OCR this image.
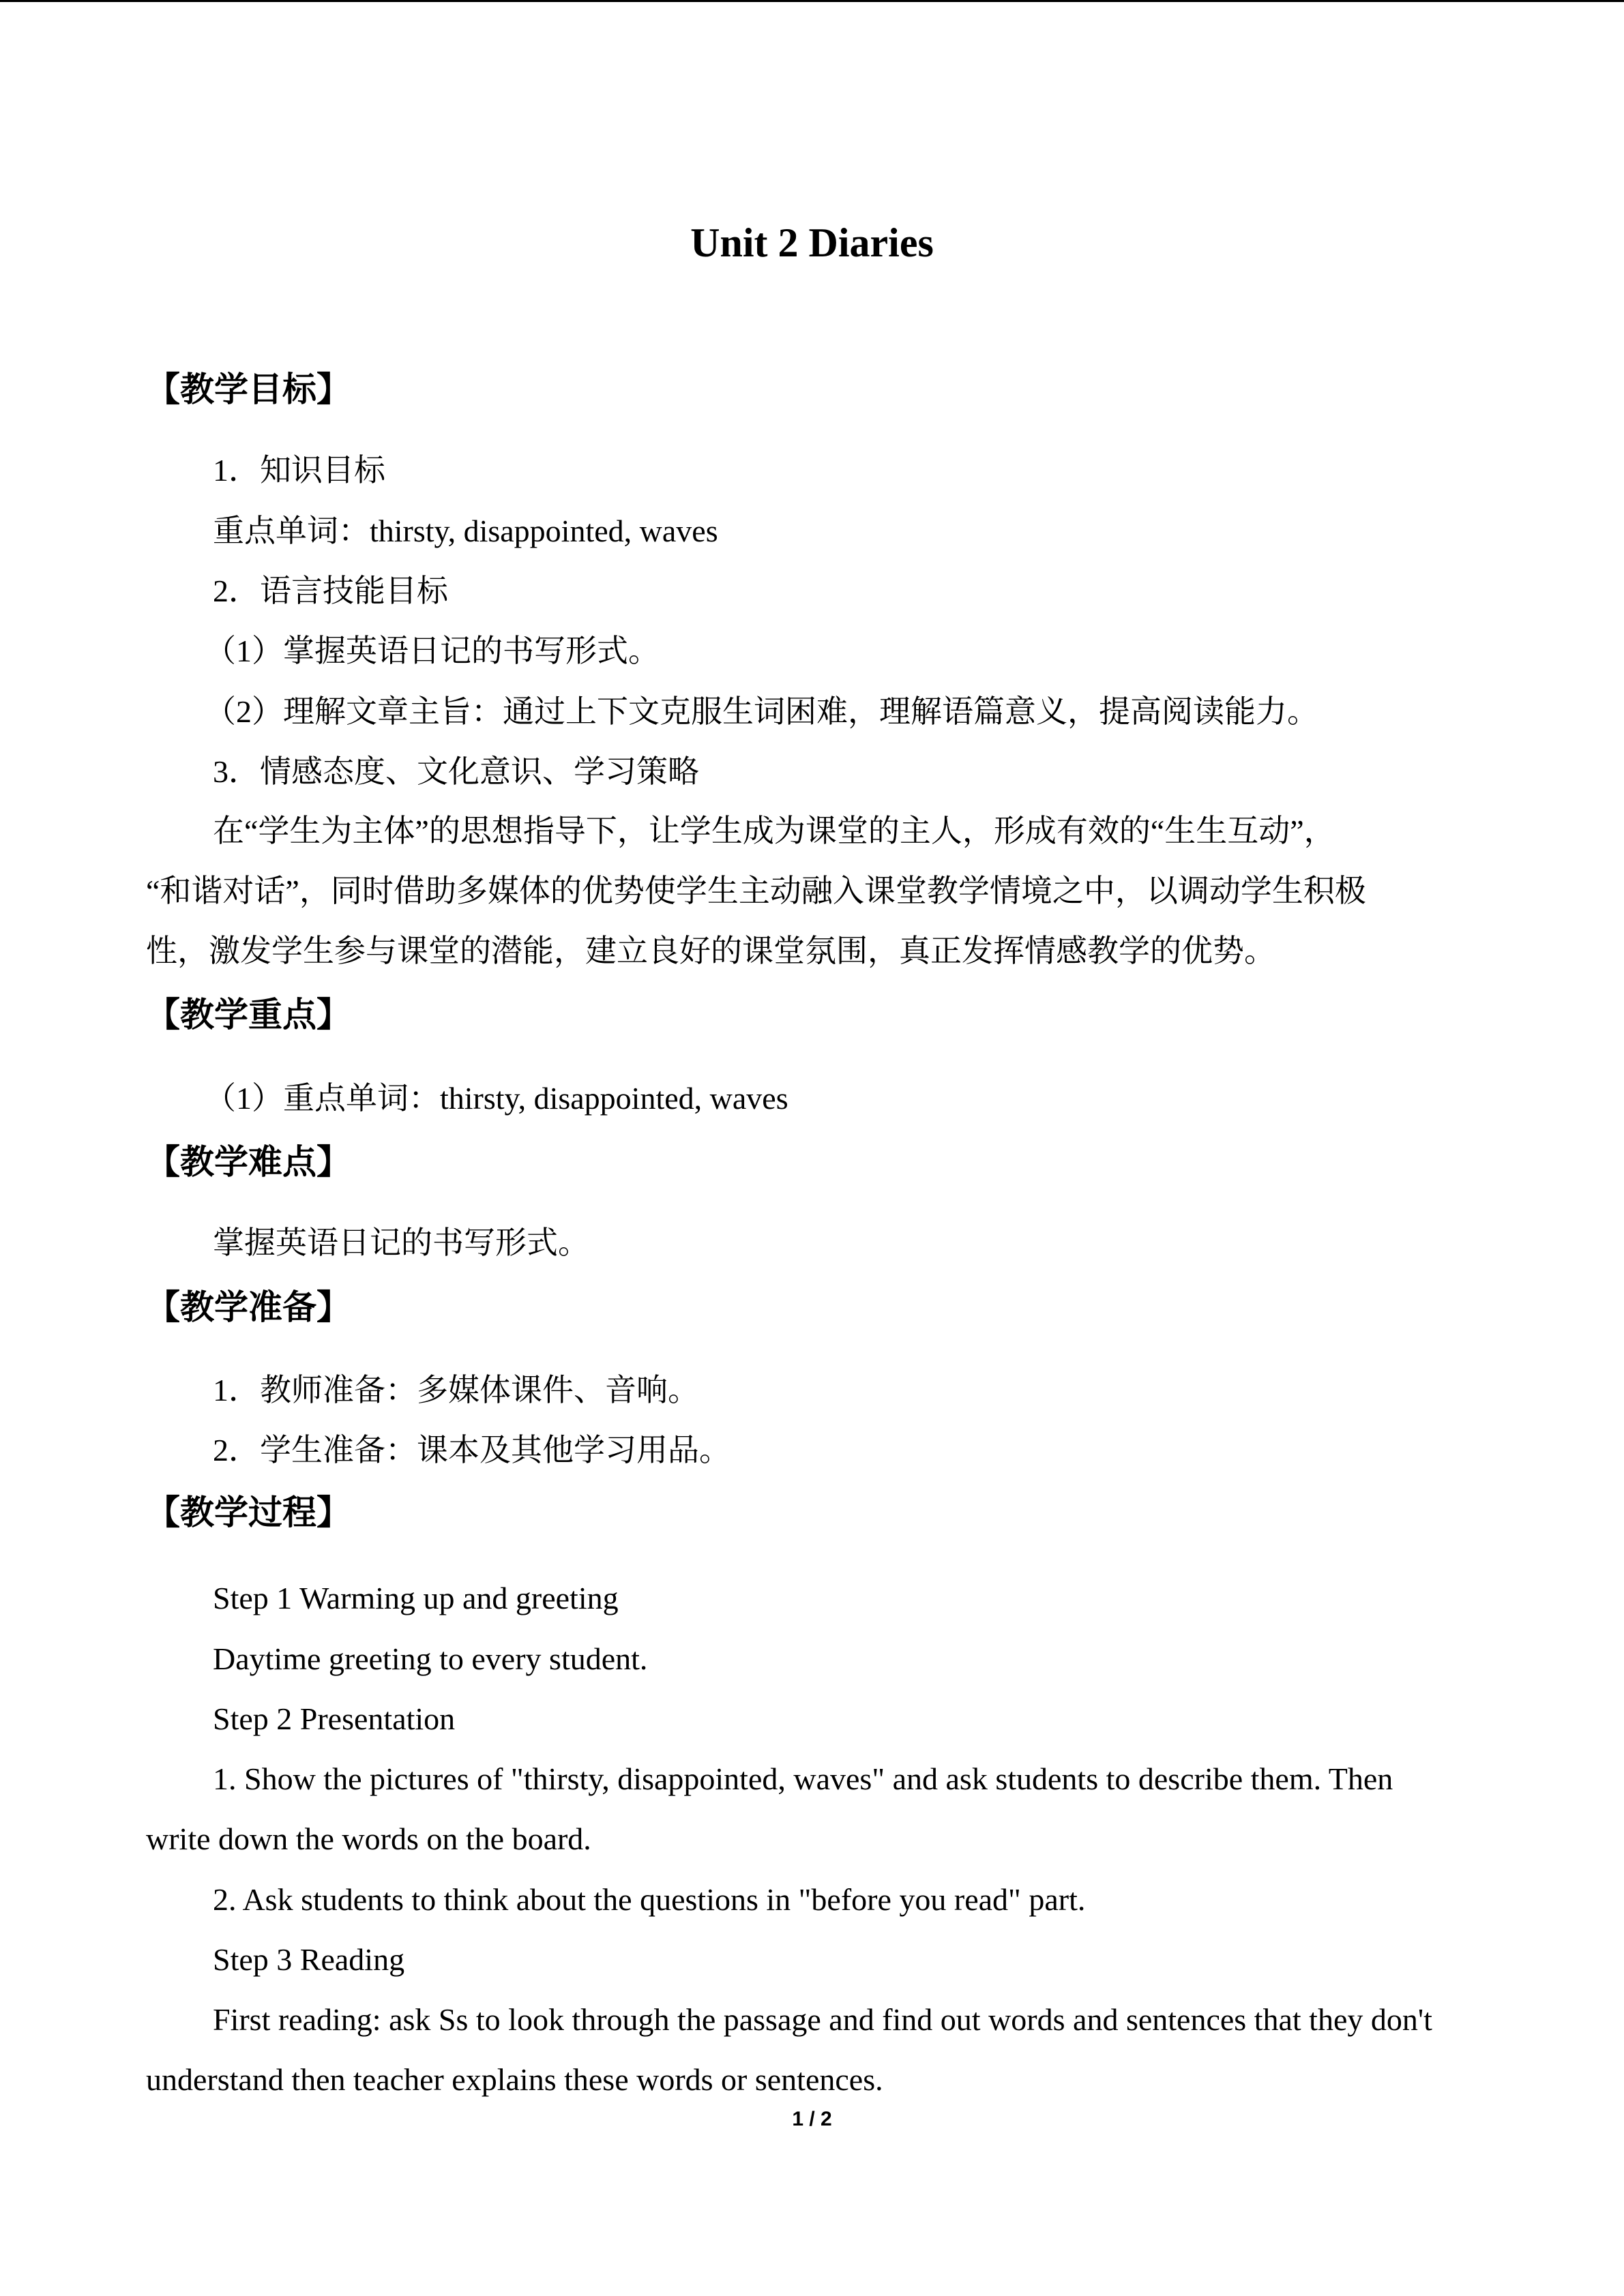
Unit 2 Diaries
【教学目标】
1．知识目标
重点单词：thirsty, disappointed, waves
2．语言技能目标
（1）掌握英语日记的书写形式。
（2）理解文章主旨：通过上下文克服生词困难，理解语篇意义，提高阅读能力。
3．情感态度、文化意识、学习策略
在“学生为主体”的思想指导下，让学生成为课堂的主人，形成有效的“生生互动”，
“和谐对话”，同时借助多媒体的优势使学生主动融入课堂教学情境之中，以调动学生积极
性，激发学生参与课堂的潜能，建立良好的课堂氛围，真正发挥情感教学的优势。
【教学重点】
（1）重点单词：thirsty, disappointed, waves
【教学难点】
掌握英语日记的书写形式。
【教学准备】
1．教师准备：多媒体课件、音响。
2．学生准备：课本及其他学习用品。
【教学过程】
Step 1 Warming up and greeting
Daytime greeting to every student.
Step 2 Presentation
1. Show the pictures of "thirsty, disappointed, waves" and ask students to describe them. Then
write down the words on the board.
2. Ask students to think about the questions in "before you read" part.
Step 3 Reading
First reading: ask Ss to look through the passage and find out words and sentences that they don't
understand then teacher explains these words or sentences.
1 / 2
